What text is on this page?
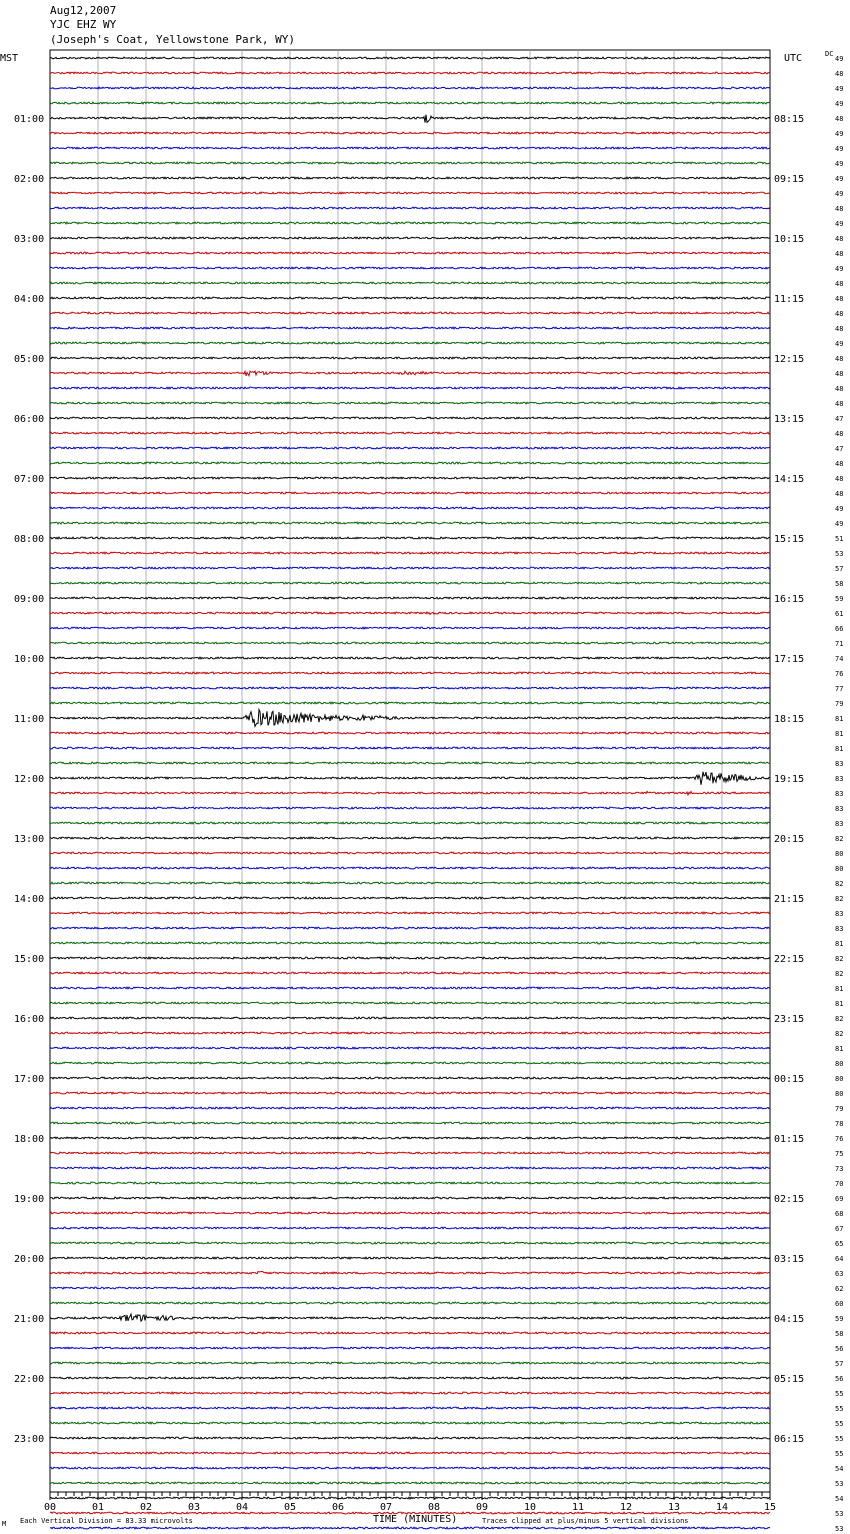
Aug12,2007
YJC EHZ WY
(Joseph's Coat, Yellowstone Park, WY)
00	01	02	03	04	05	06	07	08	09	10	11	12	13	14	15
49
48
49
49
48
49
49
49
49
49
48
49
48
48
49
48
48
48
48
49
48
48
48
48
47
48
47
48
48
48
49
49
51
53
57
58
59
61
66
71
74
76
77
79
81
81
81
83
83
83
83
83
82
80
80
82
82
83
83
81
82
82
81
81
82
82
81
80
80
80
79
78
76
75
73
70
69
68
67
65
64
63
62
60
59
58
56
57
56
55
55
55
55
55
54
53
54
53
53
01:00	08:15
02:00	09:15
03:00	10:15
04:00	11:15
05:00	12:15
06:00	13:15
07:00	14:15
08:00	15:15
09:00	16:15
10:00	17:15
11:00	18:15
12:00	19:15
13:00	20:15
14:00	21:15
15:00	22:15
16:00	23:15
17:00	00:15
18:00	01:15
19:00	02:15
20:00	03:15
21:00	04:15
22:00	05:15
23:00	06:15
MST	UTC	DC
TIME (MINUTES)
Each Vertical Division = 83.33 microvolts	Traces clipped at plus/minus 5 vertical divisions
M
